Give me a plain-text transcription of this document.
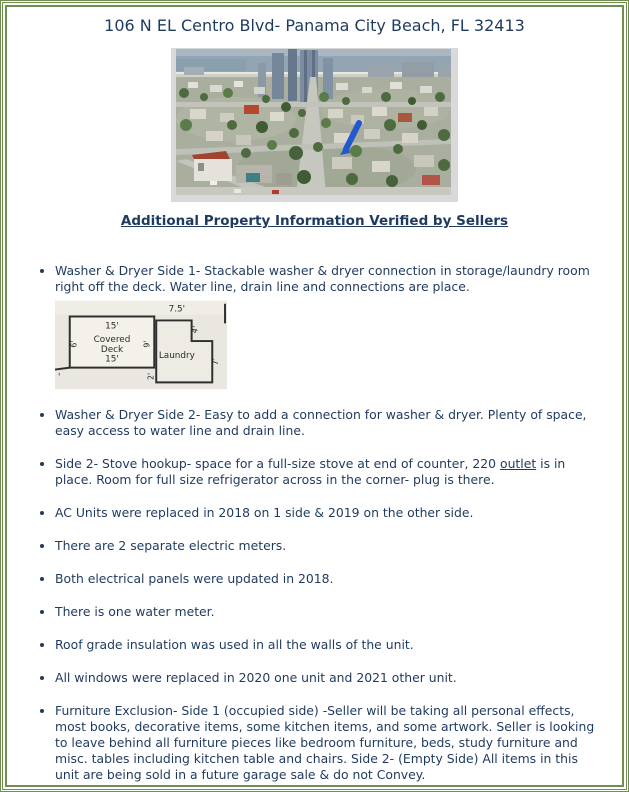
106 N EL Centro Blvd- Panama City Beach, FL 32413
Additional Property Information Verified by Sellers
• Washer & Dryer Side 1- Stackable washer & dryer connection in storage/laundry room right off the deck. Water line, drain line and connections are place.
15'
Covered
Deck
15'
6'	9'
Laundry
4'
7'
2'
7.5'
'
• Washer & Dryer Side 2- Easy to add a connection for washer & dryer. Plenty of space, easy access to water line and drain line.
• Side 2- Stove hookup- space for a full-size stove at end of counter, 220 outlet is in place. Room for full size refrigerator across in the corner- plug is there.
• AC Units were replaced in 2018 on 1 side & 2019 on the other side.
• There are 2 separate electric meters.
• Both electrical panels were updated in 2018.
• There is one water meter.
• Roof grade insulation was used in all the walls of the unit.
• All windows were replaced in 2020 one unit and 2021 other unit.
• Furniture Exclusion- Side 1 (occupied side) -Seller will be taking all personal effects, most books, decorative items, some kitchen items, and some artwork. Seller is looking to leave behind all furniture pieces like bedroom furniture, beds, study furniture and misc. tables including kitchen table and chairs. Side 2- (Empty Side) All items in this unit are being sold in a future garage sale & do not Convey.
